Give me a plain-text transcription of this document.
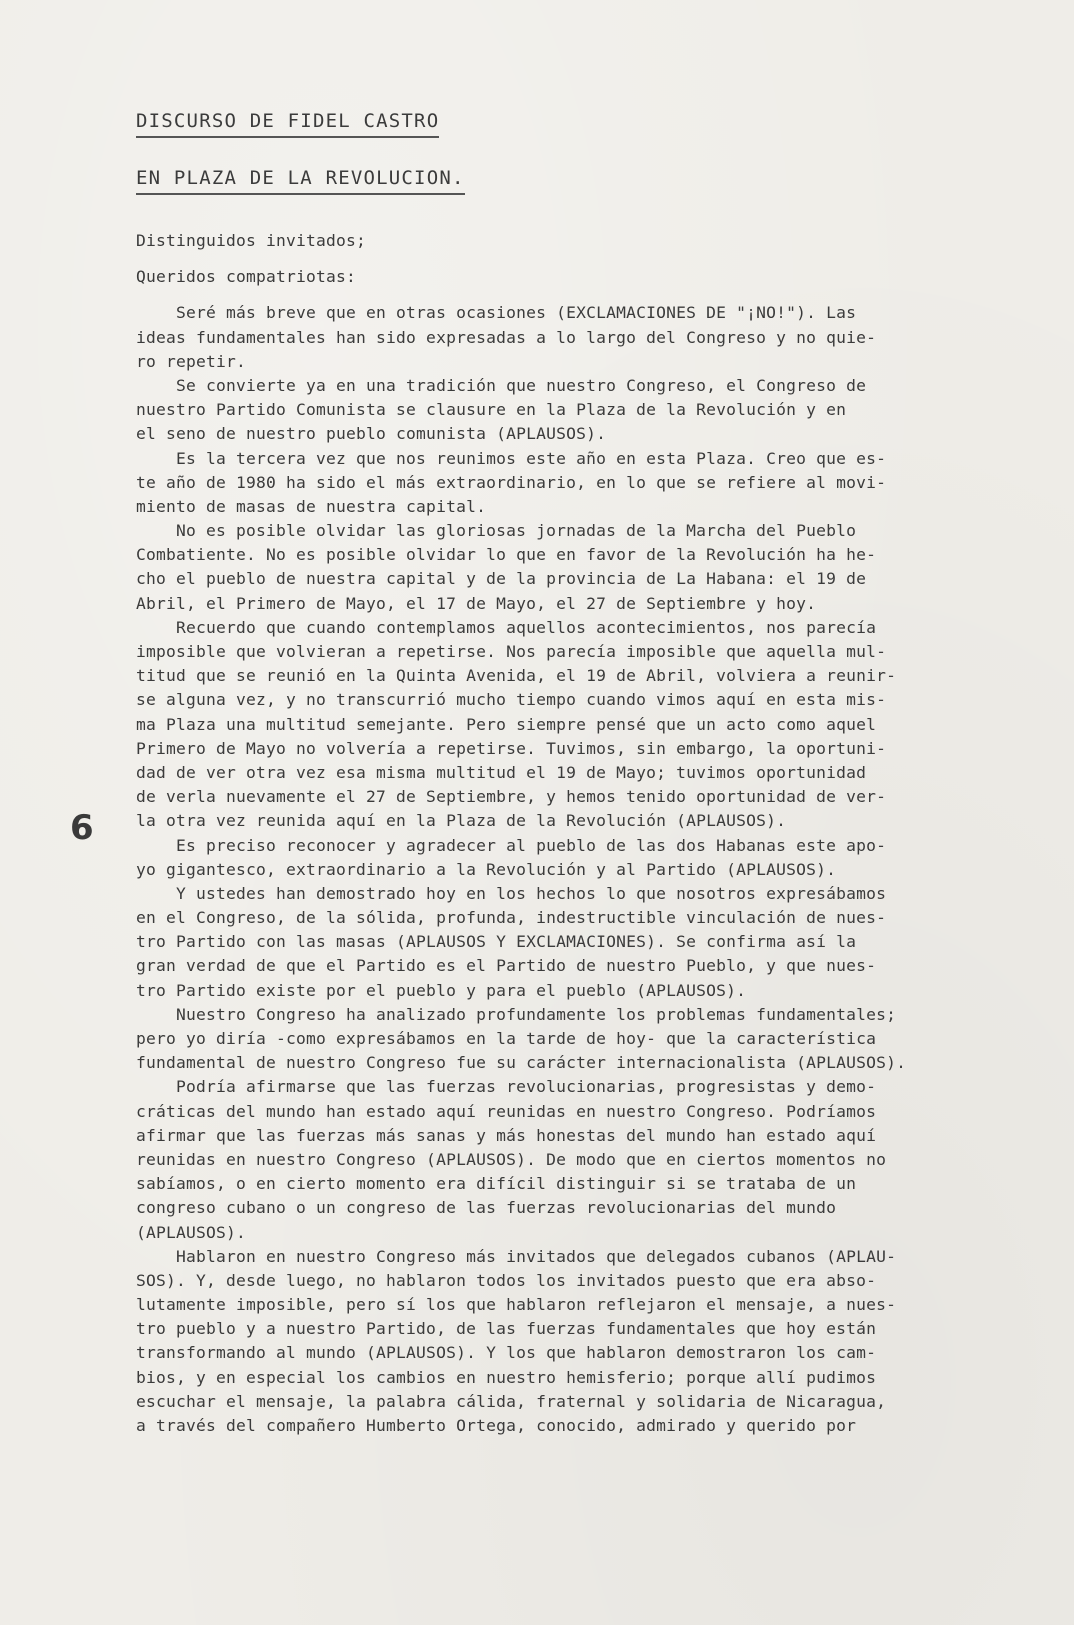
DISCURSO DE FIDEL CASTRO
EN PLAZA DE LA REVOLUCION.
Distinguidos invitados;
Queridos compatriotas:
Seré más breve que en otras ocasiones (EXCLAMACIONES DE "¡NO!"). Las
ideas fundamentales han sido expresadas a lo largo del Congreso y no quie-
ro repetir.
Se convierte ya en una tradición que nuestro Congreso, el Congreso de
nuestro Partido Comunista se clausure en la Plaza de la Revolución y en
el seno de nuestro pueblo comunista (APLAUSOS).
Es la tercera vez que nos reunimos este año en esta Plaza. Creo que es-
te año de 1980 ha sido el más extraordinario, en lo que se refiere al movi-
miento de masas de nuestra capital.
No es posible olvidar las gloriosas jornadas de la Marcha del Pueblo
Combatiente. No es posible olvidar lo que en favor de la Revolución ha he-
cho el pueblo de nuestra capital y de la provincia de La Habana: el 19 de
Abril, el Primero de Mayo, el 17 de Mayo, el 27 de Septiembre y hoy.
Recuerdo que cuando contemplamos aquellos acontecimientos, nos parecía
imposible que volvieran a repetirse. Nos parecía imposible que aquella mul-
titud que se reunió en la Quinta Avenida, el 19 de Abril, volviera a reunir-
se alguna vez, y no transcurrió mucho tiempo cuando vimos aquí en esta mis-
ma Plaza una multitud semejante. Pero siempre pensé que un acto como aquel
Primero de Mayo no volvería a repetirse. Tuvimos, sin embargo, la oportuni-
dad de ver otra vez esa misma multitud el 19 de Mayo; tuvimos oportunidad
de verla nuevamente el 27 de Septiembre, y hemos tenido oportunidad de ver-
la otra vez reunida aquí en la Plaza de la Revolución (APLAUSOS).
Es preciso reconocer y agradecer al pueblo de las dos Habanas este apo-
yo gigantesco, extraordinario a la Revolución y al Partido (APLAUSOS).
Y ustedes han demostrado hoy en los hechos lo que nosotros expresábamos
en el Congreso, de la sólida, profunda, indestructible vinculación de nues-
tro Partido con las masas (APLAUSOS Y EXCLAMACIONES). Se confirma así la
gran verdad de que el Partido es el Partido de nuestro Pueblo, y que nues-
tro Partido existe por el pueblo y para el pueblo (APLAUSOS).
Nuestro Congreso ha analizado profundamente los problemas fundamentales;
pero yo diría -como expresábamos en la tarde de hoy- que la característica
fundamental de nuestro Congreso fue su carácter internacionalista (APLAUSOS).
Podría afirmarse que las fuerzas revolucionarias, progresistas y demo-
cráticas del mundo han estado aquí reunidas en nuestro Congreso. Podríamos
afirmar que las fuerzas más sanas y más honestas del mundo han estado aquí
reunidas en nuestro Congreso (APLAUSOS). De modo que en ciertos momentos no
sabíamos, o en cierto momento era difícil distinguir si se trataba de un
congreso cubano o un congreso de las fuerzas revolucionarias del mundo
(APLAUSOS).
Hablaron en nuestro Congreso más invitados que delegados cubanos (APLAU-
SOS). Y, desde luego, no hablaron todos los invitados puesto que era abso-
lutamente imposible, pero sí los que hablaron reflejaron el mensaje, a nues-
tro pueblo y a nuestro Partido, de las fuerzas fundamentales que hoy están
transformando al mundo (APLAUSOS). Y los que hablaron demostraron los cam-
bios, y en especial los cambios en nuestro hemisferio; porque allí pudimos
escuchar el mensaje, la palabra cálida, fraternal y solidaria de Nicaragua,
a través del compañero Humberto Ortega, conocido, admirado y querido por
6
